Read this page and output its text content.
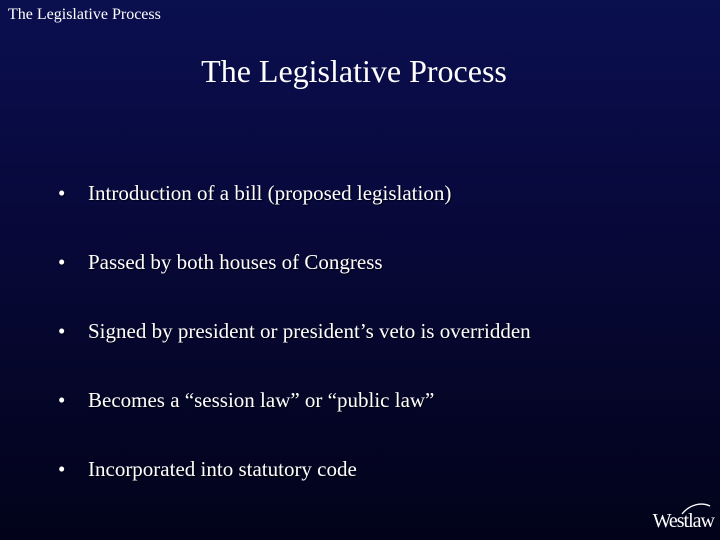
The Legislative Process
The Legislative Process
•	Introduction of a bill (proposed legislation)
•	Passed by both houses of Congress
•	Signed by president or president’s veto is overridden
•	Becomes a “session law” or “public law”
•	Incorporated into statutory code
Westlaw
